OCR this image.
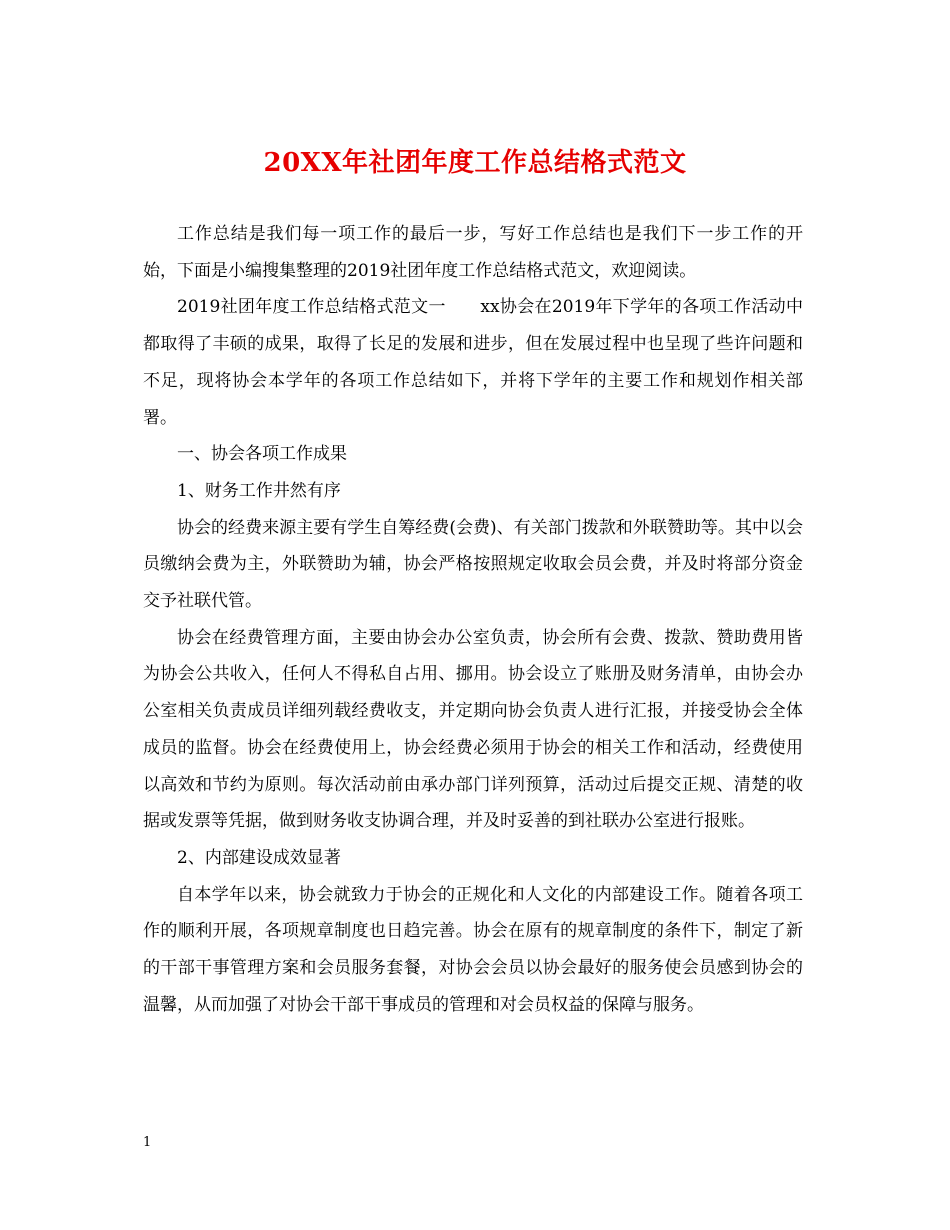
20XX年社团年度工作总结格式范文

工作总结是我们每一项工作的最后一步，写好工作总结也是我们下一步工作的开始，下面是小编搜集整理的2019社团年度工作总结格式范文，欢迎阅读。

2019社团年度工作总结格式范文一　　xx协会在2019年下学年的各项工作活动中都取得了丰硕的成果，取得了长足的发展和进步，但在发展过程中也呈现了些许问题和不足，现将协会本学年的各项工作总结如下，并将下学年的主要工作和规划作相关部署。

一、协会各项工作成果

1、财务工作井然有序

协会的经费来源主要有学生自筹经费(会费)、有关部门拨款和外联赞助等。其中以会员缴纳会费为主，外联赞助为辅，协会严格按照规定收取会员会费，并及时将部分资金交予社联代管。

协会在经费管理方面，主要由协会办公室负责，协会所有会费、拨款、赞助费用皆为协会公共收入，任何人不得私自占用、挪用。协会设立了账册及财务清单，由协会办公室相关负责成员详细列载经费收支，并定期向协会负责人进行汇报，并接受协会全体成员的监督。协会在经费使用上，协会经费必须用于协会的相关工作和活动，经费使用以高效和节约为原则。每次活动前由承办部门详列预算，活动过后提交正规、清楚的收据或发票等凭据，做到财务收支协调合理，并及时妥善的到社联办公室进行报账。

2、内部建设成效显著

自本学年以来，协会就致力于协会的正规化和人文化的内部建设工作。随着各项工作的顺利开展，各项规章制度也日趋完善。协会在原有的规章制度的条件下，制定了新的干部干事管理方案和会员服务套餐，对协会会员以协会最好的服务使会员感到协会的温馨，从而加强了对协会干部干事成员的管理和对会员权益的保障与服务。

1
